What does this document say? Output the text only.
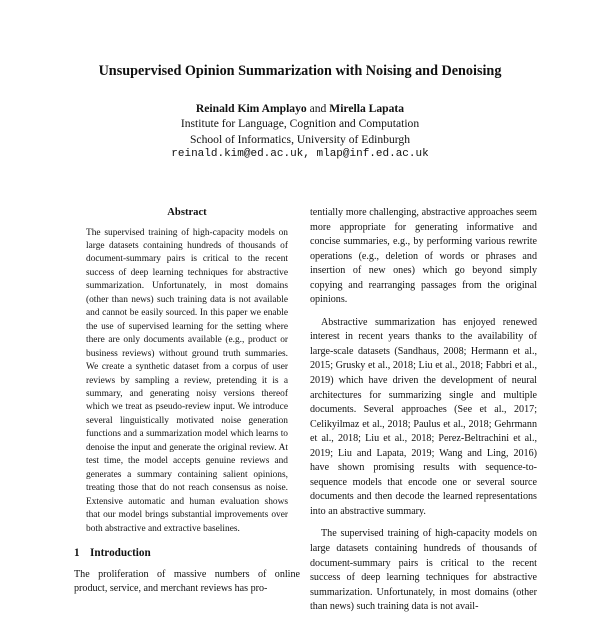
Unsupervised Opinion Summarization with Noising and Denoising
Reinald Kim Amplayo and Mirella Lapata
Institute for Language, Cognition and Computation
School of Informatics, University of Edinburgh
reinald.kim@ed.ac.uk, mlap@inf.ed.ac.uk
Abstract

The supervised training of high-capacity models on large datasets containing hundreds of thousands of document-summary pairs is critical to the recent success of deep learning techniques for abstractive summarization. Unfortunately, in most domains (other than news) such training data is not available and cannot be easily sourced. In this paper we enable the use of supervised learning for the setting where there are only documents available (e.g., product or business reviews) without ground truth summaries. We create a synthetic dataset from a corpus of user reviews by sampling a review, pretending it is a summary, and generating noisy versions thereof which we treat as pseudo-review input. We introduce several linguistically motivated noise generation functions and a summarization model which learns to denoise the input and generate the original review. At test time, the model accepts genuine reviews and generates a summary containing salient opinions, treating those that do not reach consensus as noise. Extensive automatic and human evaluation shows that our model brings substantial improvements over both abstractive and extractive baselines.

1 Introduction

The proliferation of massive numbers of online product, service, and merchant reviews has pro-

tentially more challenging, abstractive approaches seem more appropriate for generating informative and concise summaries, e.g., by performing various rewrite operations (e.g., deletion of words or phrases and insertion of new ones) which go beyond simply copying and rearranging passages from the original opinions.

Abstractive summarization has enjoyed renewed interest in recent years thanks to the availability of large-scale datasets (Sandhaus, 2008; Hermann et al., 2015; Grusky et al., 2018; Liu et al., 2018; Fabbri et al., 2019) which have driven the development of neural architectures for summarizing single and multiple documents. Several approaches (See et al., 2017; Celikyilmaz et al., 2018; Paulus et al., 2018; Gehrmann et al., 2018; Liu et al., 2018; Perez-Beltrachini et al., 2019; Liu and Lapata, 2019; Wang and Ling, 2016) have shown promising results with sequence-to-sequence models that encode one or several source documents and then decode the learned representations into an abstractive summary.

The supervised training of high-capacity models on large datasets containing hundreds of thousands of document-summary pairs is critical to the recent success of deep learning techniques for abstractive summarization. Unfortunately, in most domains (other than news) such training data is not avail-
